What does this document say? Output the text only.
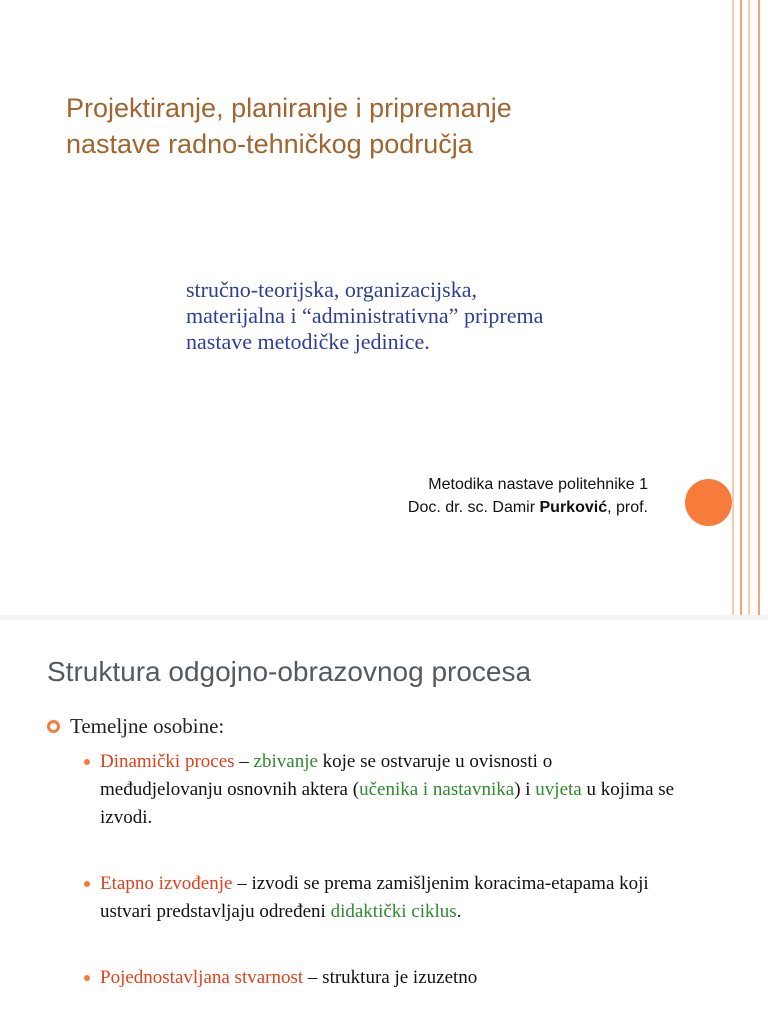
Projektiranje, planiranje i pripremanje
nastave radno-tehničkog područja
stručno-teorijska, organizacijska,
materijalna i “administrativna” priprema
nastave metodičke jedinice.
Metodika nastave politehnike 1
Doc. dr. sc. Damir Purković, prof.
Struktura odgojno-obrazovnog procesa
Temeljne osobine:
Dinamički proces – zbivanje koje se ostvaruje u ovisnosti o međudjelovanju osnovnih aktera (učenika i nastavnika) i uvjeta u kojima se izvodi.
Etapno izvođenje – izvodi se prema zamišljenim koracima-etapama koji ustvari predstavljaju određeni didaktički ciklus.
Pojednostavljana stvarnost – struktura je izuzetno
